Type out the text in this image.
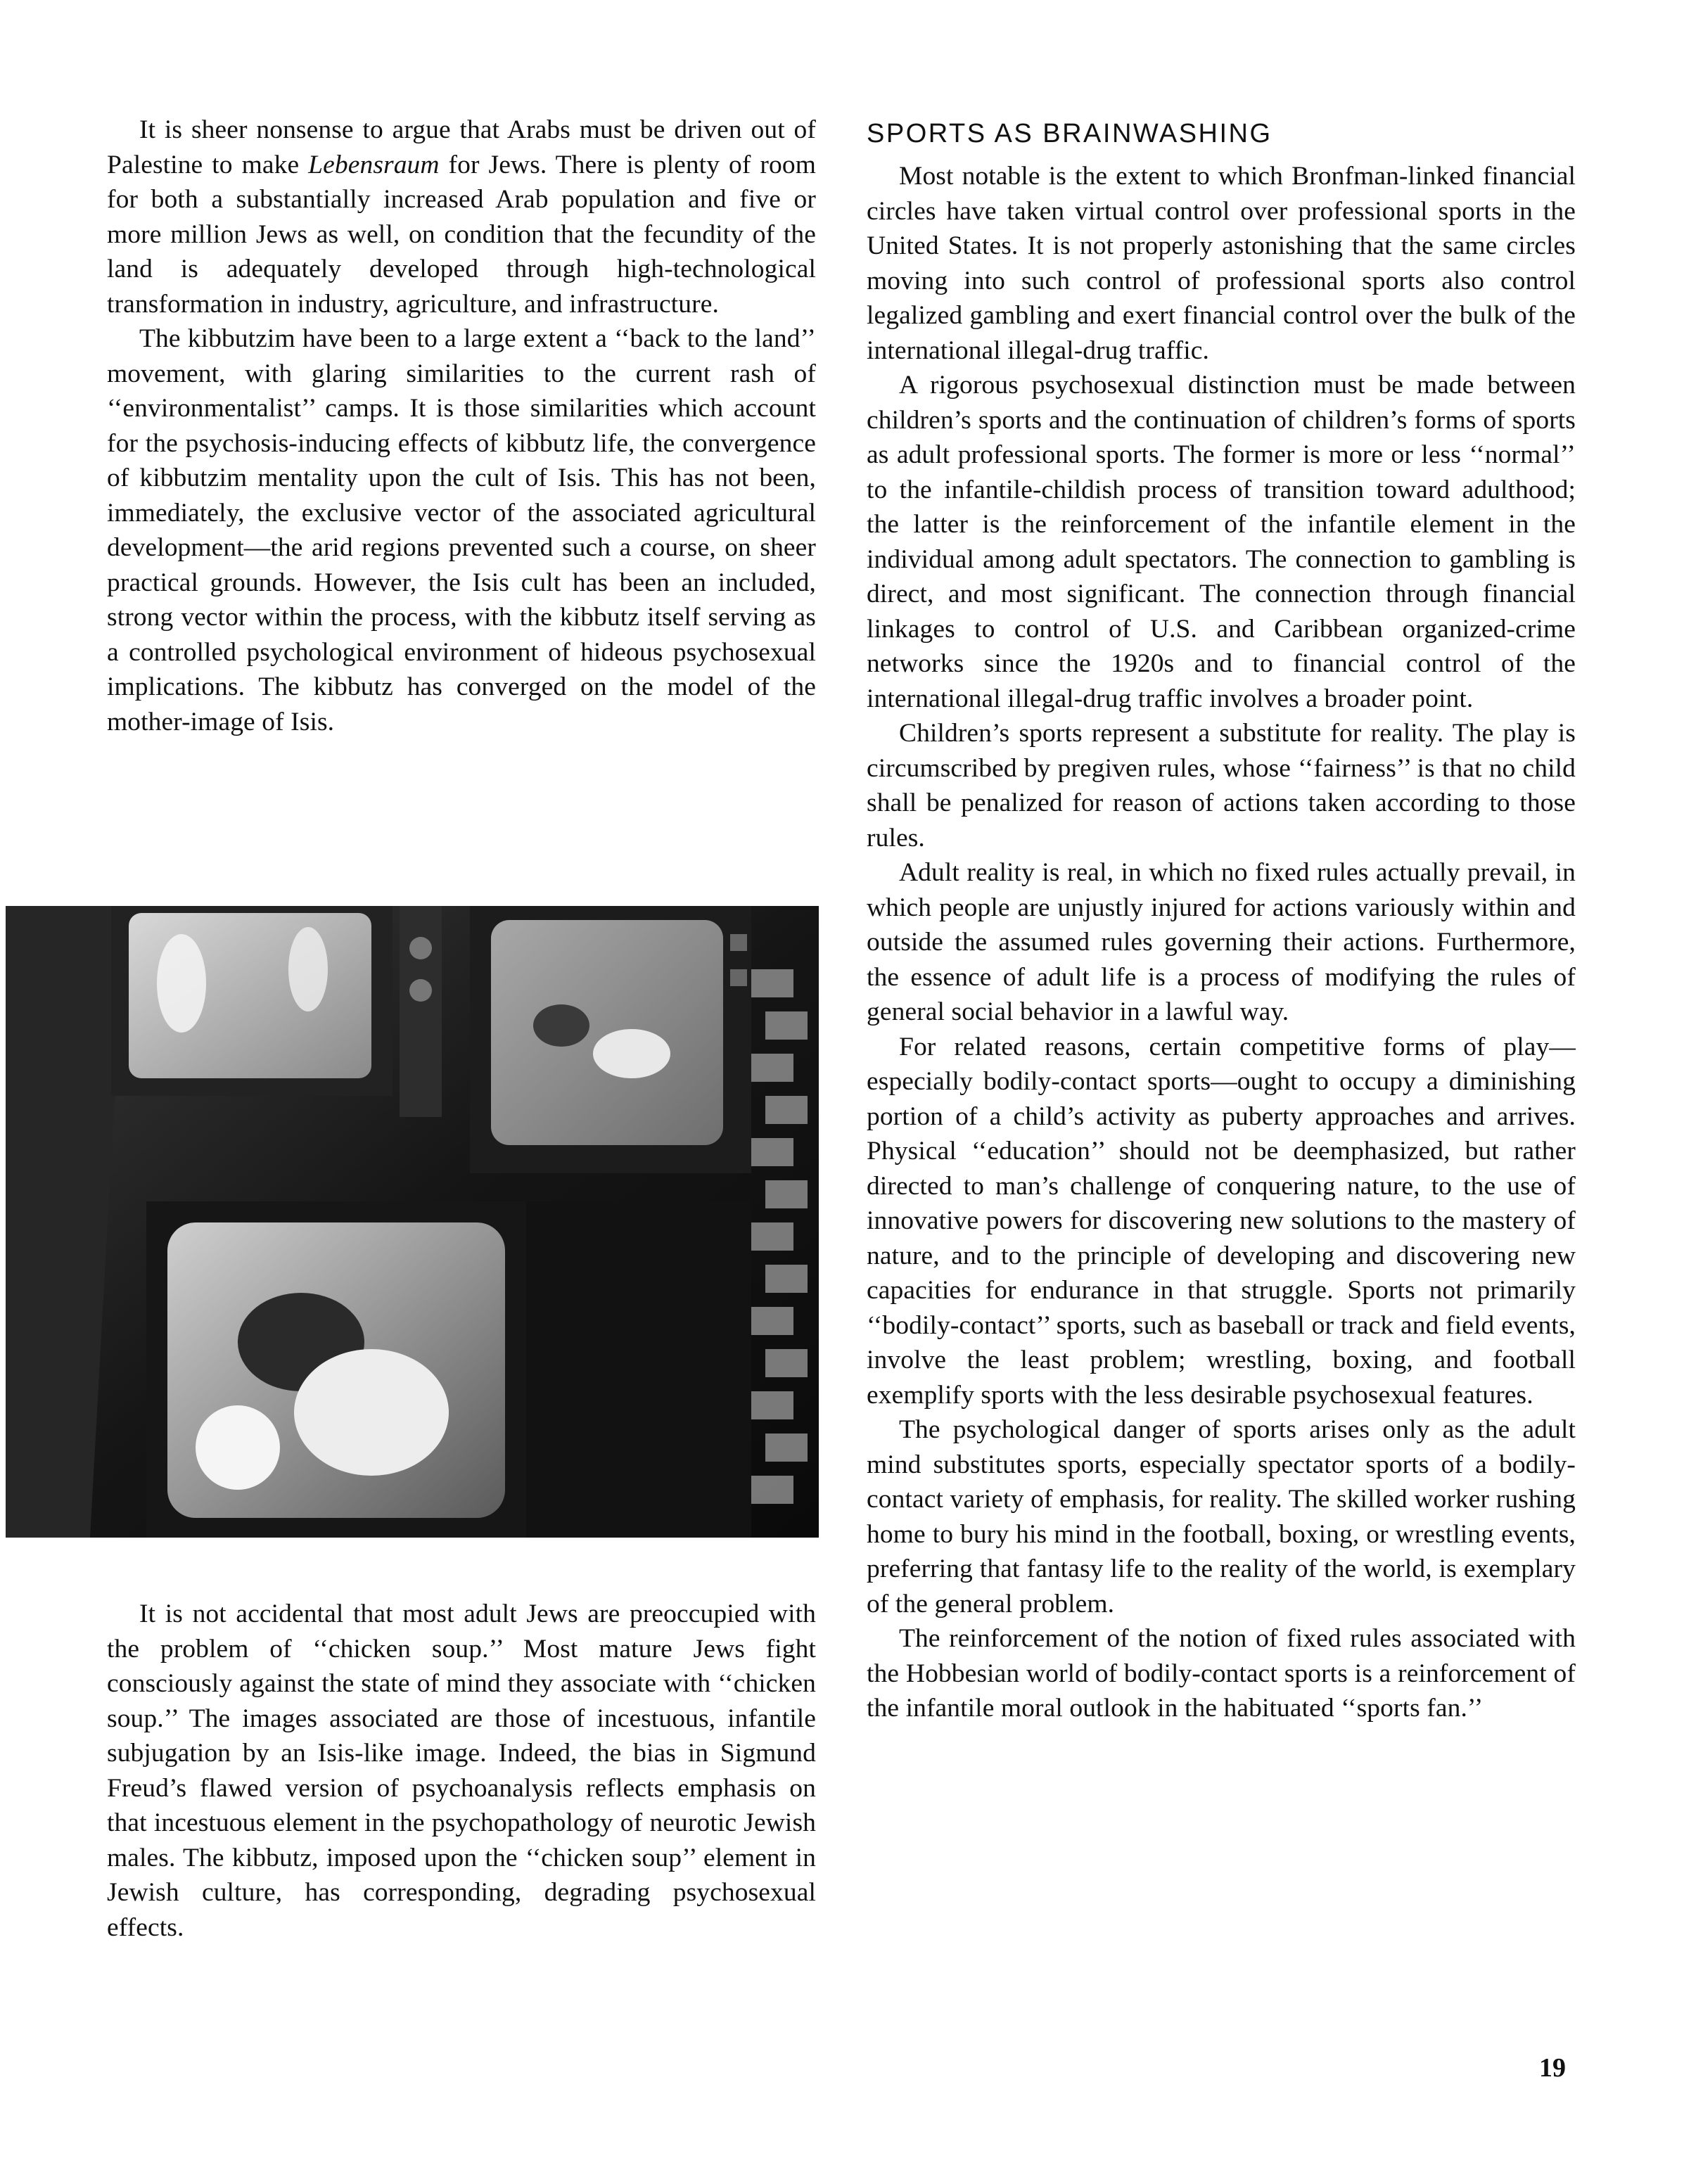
It is sheer nonsense to argue that Arabs must be driven out of Palestine to make Lebensraum for Jews. There is plenty of room for both a substantially increased Arab population and five or more million Jews as well, on condition that the fecundity of the land is adequately developed through high-technological transformation in industry, agriculture, and infrastructure.

The kibbutzim have been to a large extent a ‘‘back to the land’’ movement, with glaring similarities to the current rash of ‘‘environmentalist’’ camps. It is those similarities which account for the psychosis-inducing effects of kibbutz life, the convergence of kibbutzim mentality upon the cult of Isis. This has not been, immediately, the exclusive vector of the associated agricultural development—the arid regions prevented such a course, on sheer practical grounds. However, the Isis cult has been an included, strong vector within the process, with the kibbutz itself serving as a controlled psychological environment of hideous psychosexual implications. The kibbutz has converged on the model of the mother-image of Isis.

It is not accidental that most adult Jews are preoccupied with the problem of ‘‘chicken soup.’’ Most mature Jews fight consciously against the state of mind they associate with ‘‘chicken soup.’’ The images associated are those of incestuous, infantile subjugation by an Isis-like image. Indeed, the bias in Sigmund Freud’s flawed version of psychoanalysis reflects emphasis on that incestuous element in the psychopathology of neurotic Jewish males. The kibbutz, imposed upon the ‘‘chicken soup’’ element in Jewish culture, has corresponding, degrading psychosexual effects.

SPORTS AS BRAINWASHING

Most notable is the extent to which Bronfman-linked financial circles have taken virtual control over professional sports in the United States. It is not properly astonishing that the same circles moving into such control of professional sports also control legalized gambling and exert financial control over the bulk of the international illegal-drug traffic.

A rigorous psychosexual distinction must be made between children’s sports and the continuation of children’s forms of sports as adult professional sports. The former is more or less ‘‘normal’’ to the infantile-childish process of transition toward adulthood; the latter is the reinforcement of the infantile element in the individual among adult spectators. The connection to gambling is direct, and most significant. The connection through financial linkages to control of U.S. and Caribbean organized-crime networks since the 1920s and to financial control of the international illegal-drug traffic involves a broader point.

Children’s sports represent a substitute for reality. The play is circumscribed by pregiven rules, whose ‘‘fairness’’ is that no child shall be penalized for reason of actions taken according to those rules.

Adult reality is real, in which no fixed rules actually prevail, in which people are unjustly injured for actions variously within and outside the assumed rules governing their actions. Furthermore, the essence of adult life is a process of modifying the rules of general social behavior in a lawful way.

For related reasons, certain competitive forms of play—especially bodily-contact sports—ought to occupy a diminishing portion of a child’s activity as puberty approaches and arrives. Physical ‘‘education’’ should not be deemphasized, but rather directed to man’s challenge of conquering nature, to the use of innovative powers for discovering new solutions to the mastery of nature, and to the principle of developing and discovering new capacities for endurance in that struggle. Sports not primarily ‘‘bodily-contact’’ sports, such as baseball or track and field events, involve the least problem; wrestling, boxing, and football exemplify sports with the less desirable psychosexual features.

The psychological danger of sports arises only as the adult mind substitutes sports, especially spectator sports of a bodily-contact variety of emphasis, for reality. The skilled worker rushing home to bury his mind in the football, boxing, or wrestling events, preferring that fantasy life to the reality of the world, is exemplary of the general problem.

The reinforcement of the notion of fixed rules associated with the Hobbesian world of bodily-contact sports is a reinforcement of the infantile moral outlook in the habituated ‘‘sports fan.’’

19
